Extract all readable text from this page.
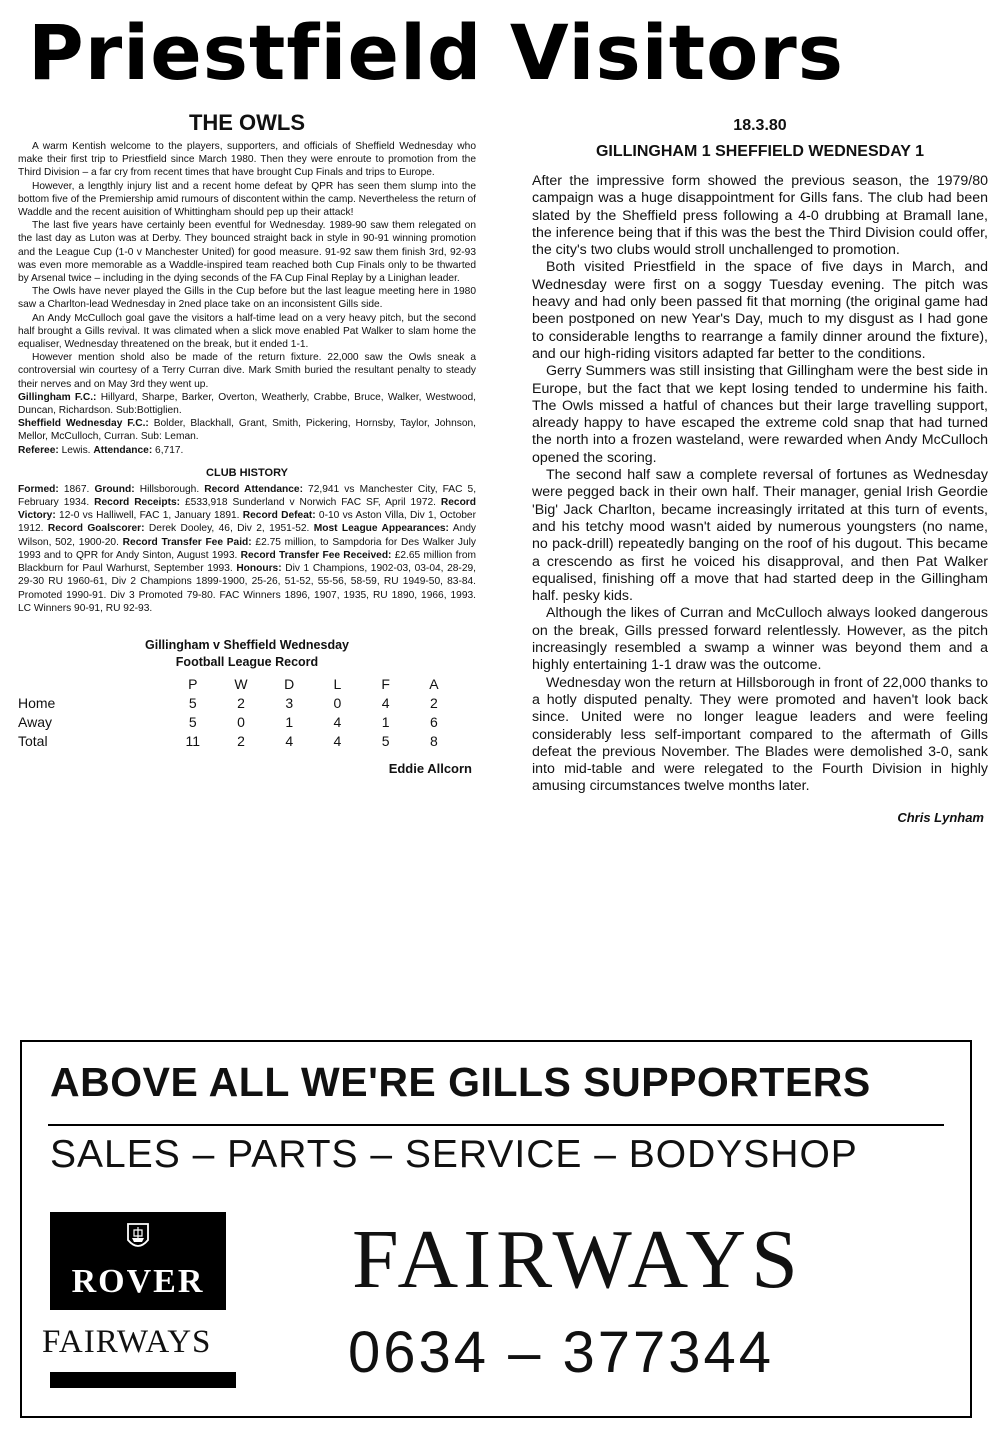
Priestfield Visitors
THE OWLS

A warm Kentish welcome to the players, supporters, and officials of Sheffield Wednesday who make their first trip to Priestfield since March 1980. Then they were enroute to promotion from the Third Division – a far cry from recent times that have brought Cup Finals and trips to Europe.

However, a lengthly injury list and a recent home defeat by QPR has seen them slump into the bottom five of the Premiership amid rumours of discontent within the camp. Nevertheless the return of Waddle and the recent auisition of Whittingham should pep up their attack!

The last five years have certainly been eventful for Wednesday. 1989-90 saw them relegated on the last day as Luton was at Derby. They bounced straight back in style in 90-91 winning promotion and the League Cup (1-0 v Manchester United) for good measure. 91-92 saw them finish 3rd, 92-93 was even more memorable as a Waddle-inspired team reached both Cup Finals only to be thwarted by Arsenal twice – including in the dying seconds of the FA Cup Final Replay by a Linighan leader.

The Owls have never played the Gills in the Cup before but the last league meeting here in 1980 saw a Charlton-lead Wednesday in 2ned place take on an inconsistent Gills side.

An Andy McCulloch goal gave the visitors a half-time lead on a very heavy pitch, but the second half brought a Gills revival. It was climated when a slick move enabled Pat Walker to slam home the equaliser, Wednesday threatened on the break, but it ended 1-1.

However mention shold also be made of the return fixture. 22,000 saw the Owls sneak a controversial win courtesy of a Terry Curran dive. Mark Smith buried the resultant penalty to steady their nerves and on May 3rd they went up.

Gillingham F.C.: Hillyard, Sharpe, Barker, Overton, Weatherly, Crabbe, Bruce, Walker, Westwood, Duncan, Richardson. Sub:Bottiglien.

Sheffield Wednesday F.C.: Bolder, Blackhall, Grant, Smith, Pickering, Hornsby, Taylor, Johnson, Mellor, McCulloch, Curran. Sub: Leman.

Referee: Lewis. Attendance: 6,717.

CLUB HISTORY

Formed: 1867. Ground: Hillsborough. Record Attendance: 72,941 vs Manchester City, FAC 5, February 1934. Record Receipts: £533,918 Sunderland v Norwich FAC SF, April 1972. Record Victory: 12-0 vs Halliwell, FAC 1, January 1891. Record Defeat: 0-10 vs Aston Villa, Div 1, October 1912. Record Goalscorer: Derek Dooley, 46, Div 2, 1951-52. Most League Appearances: Andy Wilson, 502, 1900-20. Record Transfer Fee Paid: £2.75 million, to Sampdoria for Des Walker July 1993 and to QPR for Andy Sinton, August 1993. Record Transfer Fee Received: £2.65 million from Blackburn for Paul Warhurst, September 1993. Honours: Div 1 Champions, 1902-03, 03-04, 28-29, 29-30 RU 1960-61, Div 2 Champions 1899-1900, 25-26, 51-52, 55-56, 58-59, RU 1949-50, 83-84. Promoted 1990-91. Div 3 Promoted 79-80. FAC Winners 1896, 1907, 1935, RU 1890, 1966, 1993. LC Winners 90-91, RU 92-93.

Gillingham v Sheffield Wednesday
Football League Record
	P	W	D	L	F	A
Home	5	2	3	0	4	2
Away	5	0	1	4	1	6
Total	11	2	4	4	5	8
Eddie Allcorn
18.3.80
GILLINGHAM 1 SHEFFIELD WEDNESDAY 1

After the impressive form showed the previous season, the 1979/80 campaign was a huge disappointment for Gills fans. The club had been slated by the Sheffield press following a 4-0 drubbing at Bramall lane, the inference being that if this was the best the Third Division could offer, the city's two clubs would stroll unchallenged to promotion.

Both visited Priestfield in the space of five days in March, and Wednesday were first on a soggy Tuesday evening. The pitch was heavy and had only been passed fit that morning (the original game had been postponed on new Year's Day, much to my disgust as I had gone to considerable lengths to rearrange a family dinner around the fixture), and our high-riding visitors adapted far better to the conditions.

Gerry Summers was still insisting that Gillingham were the best side in Europe, but the fact that we kept losing tended to undermine his faith. The Owls missed a hatful of chances but their large travelling support, already happy to have escaped the extreme cold snap that had turned the north into a frozen wasteland, were rewarded when Andy McCulloch opened the scoring.

The second half saw a complete reversal of fortunes as Wednesday were pegged back in their own half. Their manager, genial Irish Geordie 'Big' Jack Charlton, became increasingly irritated at this turn of events, and his tetchy mood wasn't aided by numerous youngsters (no name, no pack-drill) repeatedly banging on the roof of his dugout. This became a crescendo as first he voiced his disapproval, and then Pat Walker equalised, finishing off a move that had started deep in the Gillingham half. pesky kids.

Although the likes of Curran and McCulloch always looked dangerous on the break, Gills pressed forward relentlessly. However, as the pitch increasingly resembled a swamp a winner was beyond them and a highly entertaining 1-1 draw was the outcome.

Wednesday won the return at Hillsborough in front of 22,000 thanks to a hotly disputed penalty. They were promoted and haven't look back since. United were no longer league leaders and were feeling considerably less self-important compared to the aftermath of Gills defeat the previous November. The Blades were demolished 3-0, sank into mid-table and were relegated to the Fourth Division in highly amusing circumstances twelve months later.

Chris Lynham
ABOVE ALL WE'RE GILLS SUPPORTERS
SALES – PARTS – SERVICE – BODYSHOP
ROVER
FAIRWAYS
FAIRWAYS
0634 – 377344
